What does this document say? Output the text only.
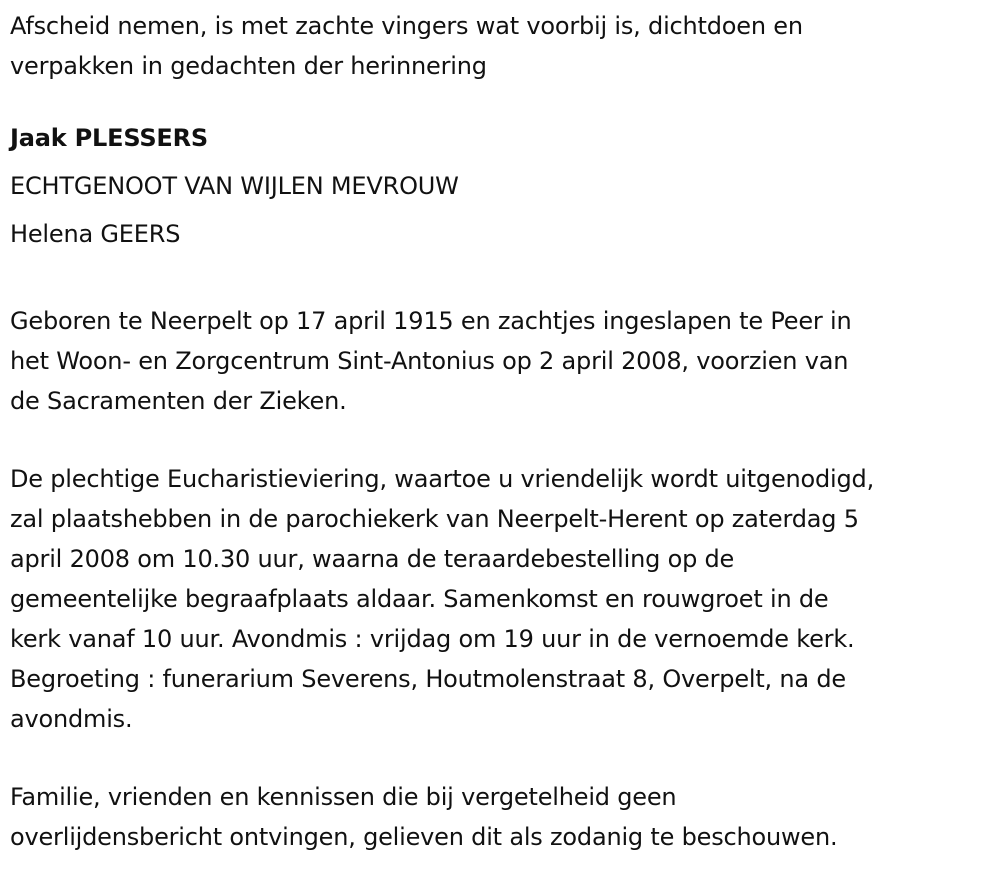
Afscheid nemen, is met zachte vingers wat voorbij is, dichtdoen en
verpakken in gedachten der herinnering
Jaak PLESSERS
ECHTGENOOT VAN WIJLEN MEVROUW
Helena GEERS
Geboren te Neerpelt op 17 april 1915 en zachtjes ingeslapen te Peer in
het Woon- en Zorgcentrum Sint-Antonius op 2 april 2008, voorzien van
de Sacramenten der Zieken.
De plechtige Eucharistieviering, waartoe u vriendelijk wordt uitgenodigd,
zal plaatshebben in de parochiekerk van Neerpelt-Herent op zaterdag 5
april 2008 om 10.30 uur, waarna de teraardebestelling op de
gemeentelijke begraafplaats aldaar. Samenkomst en rouwgroet in de
kerk vanaf 10 uur. Avondmis : vrijdag om 19 uur in de vernoemde kerk.
Begroeting : funerarium Severens, Houtmolenstraat 8, Overpelt, na de
avondmis.
Familie, vrienden en kennissen die bij vergetelheid geen
overlijdensbericht ontvingen, gelieven dit als zodanig te beschouwen.
